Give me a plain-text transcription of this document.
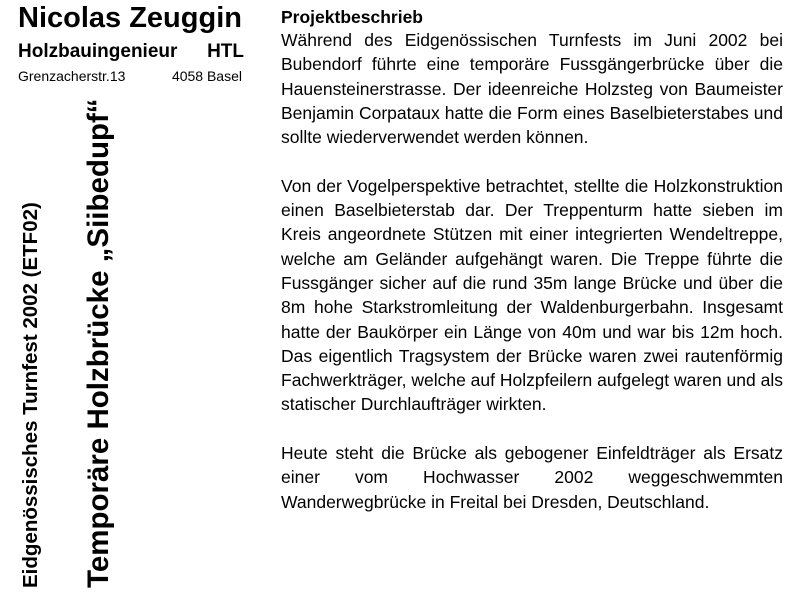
Nicolas Zeuggin
Holzbauingenieur HTL
Grenzacherstr.13	4058 Basel
Eidgenössisches Turnfest 2002 (ETF02) Temporäre Holzbrücke „Siibedupf“
Projektbeschrieb

Während des Eidgenössischen Turnfests im Juni 2002 bei Bubendorf führte eine temporäre Fussgängerbrücke über die Hauensteinerstrasse. Der ideenreiche Holzsteg von Baumeister Benjamin Corpataux hatte die Form eines Baselbieterstabes und sollte wiederverwendet werden können.

Von der Vogelperspektive betrachtet, stellte die Holzkonstruktion einen Baselbieterstab dar. Der Treppenturm hatte sieben im Kreis angeordnete Stützen mit einer integrierten Wendeltreppe, welche am Geländer aufgehängt waren. Die Treppe führte die Fussgänger sicher auf die rund 35m lange Brücke und über die 8m hohe Starkstromleitung der Waldenburgerbahn. Insgesamt hatte der Baukörper ein Länge von 40m und war bis 12m hoch. Das eigentlich Tragsystem der Brücke waren zwei rautenförmig Fachwerkträger, welche auf Holzpfeilern aufgelegt waren und als statischer Durchlaufträger wirkten.

Heute steht die Brücke als gebogener Einfeldträger als Ersatz einer vom Hochwasser 2002 weggeschwemmten Wanderwegbrücke in Freital bei Dresden, Deutschland.
